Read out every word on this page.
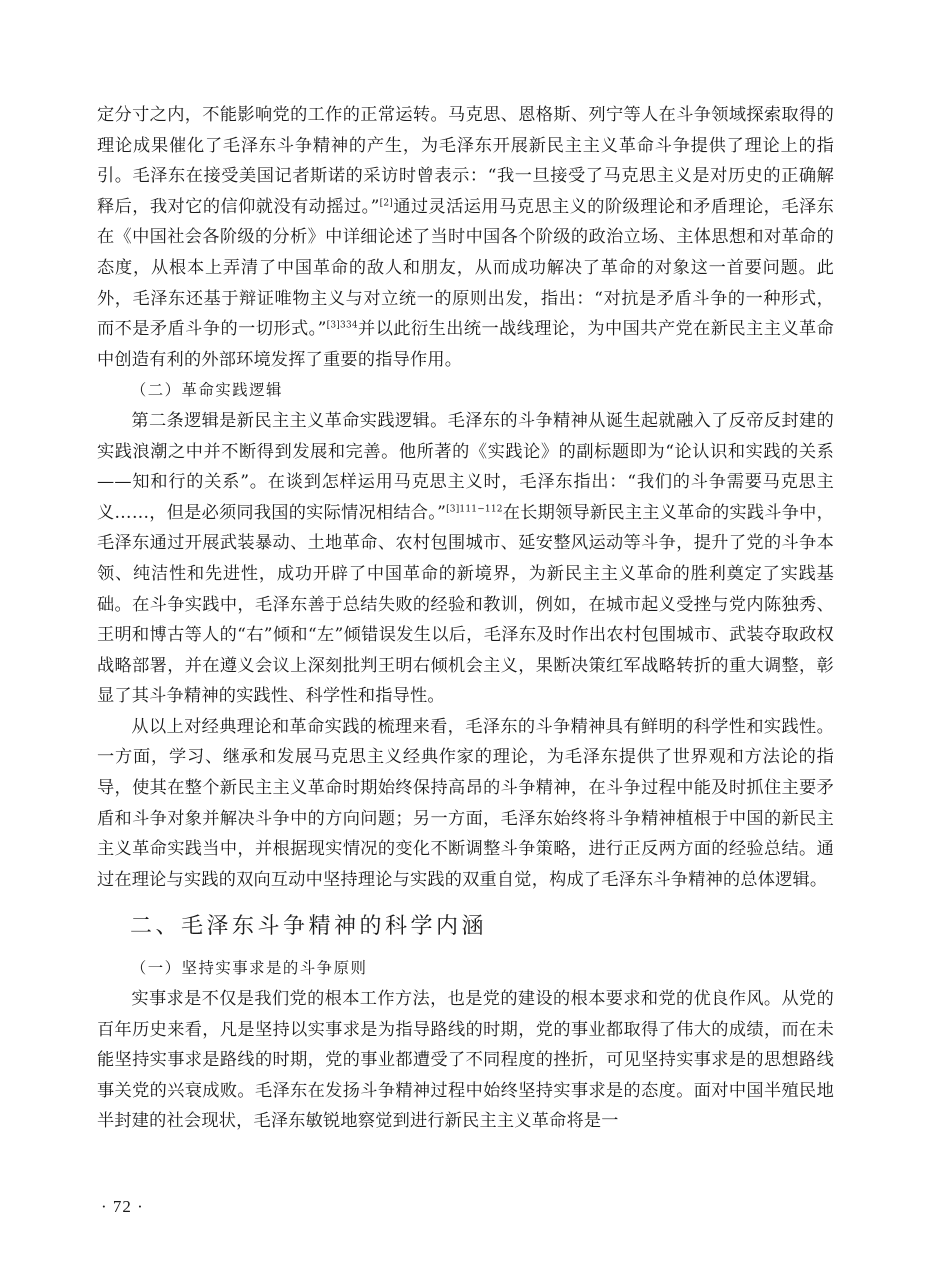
定分寸之内，不能影响党的工作的正常运转。马克思、恩格斯、列宁等人在斗争领域探索取得的理论成果催化了毛泽东斗争精神的产生，为毛泽东开展新民主主义革命斗争提供了理论上的指引。毛泽东在接受美国记者斯诺的采访时曾表示：“我一旦接受了马克思主义是对历史的正确解释后，我对它的信仰就没有动摇过。”[2]通过灵活运用马克思主义的阶级理论和矛盾理论，毛泽东在《中国社会各阶级的分析》中详细论述了当时中国各个阶级的政治立场、主体思想和对革命的态度，从根本上弄清了中国革命的敌人和朋友，从而成功解决了革命的对象这一首要问题。此外，毛泽东还基于辩证唯物主义与对立统一的原则出发，指出：“对抗是矛盾斗争的一种形式，而不是矛盾斗争的一切形式。”$^{[3]334}$并以此衍生出统一战线理论，为中国共产党在新民主主义革命中创造有利的外部环境发挥了重要的指导作用。

（二）革命实践逻辑

第二条逻辑是新民主主义革命实践逻辑。毛泽东的斗争精神从诞生起就融入了反帝反封建的实践浪潮之中并不断得到发展和完善。他所著的《实践论》的副标题即为“论认识和实践的关系——知和行的关系”。在谈到怎样运用马克思主义时，毛泽东指出：“我们的斗争需要马克思主义……，但是必须同我国的实际情况相结合。”$^{[3]111-112}$在长期领导新民主主义革命的实践斗争中，毛泽东通过开展武装暴动、土地革命、农村包围城市、延安整风运动等斗争，提升了党的斗争本领、纯洁性和先进性，成功开辟了中国革命的新境界，为新民主主义革命的胜利奠定了实践基础。在斗争实践中，毛泽东善于总结失败的经验和教训，例如，在城市起义受挫与党内陈独秀、王明和博古等人的“右”倾和“左”倾错误发生以后，毛泽东及时作出农村包围城市、武装夺取政权战略部署，并在遵义会议上深刻批判王明右倾机会主义，果断决策红军战略转折的重大调整，彰显了其斗争精神的实践性、科学性和指导性。

从以上对经典理论和革命实践的梳理来看，毛泽东的斗争精神具有鲜明的科学性和实践性。一方面，学习、继承和发展马克思主义经典作家的理论，为毛泽东提供了世界观和方法论的指导，使其在整个新民主主义革命时期始终保持高昂的斗争精神，在斗争过程中能及时抓住主要矛盾和斗争对象并解决斗争中的方向问题；另一方面，毛泽东始终将斗争精神植根于中国的新民主主义革命实践当中，并根据现实情况的变化不断调整斗争策略，进行正反两方面的经验总结。通过在理论与实践的双向互动中坚持理论与实践的双重自觉，构成了毛泽东斗争精神的总体逻辑。

二、毛泽东斗争精神的科学内涵

（一）坚持实事求是的斗争原则

实事求是不仅是我们党的根本工作方法，也是党的建设的根本要求和党的优良作风。从党的百年历史来看，凡是坚持以实事求是为指导路线的时期，党的事业都取得了伟大的成绩，而在未能坚持实事求是路线的时期，党的事业都遭受了不同程度的挫折，可见坚持实事求是的思想路线事关党的兴衰成败。毛泽东在发扬斗争精神过程中始终坚持实事求是的态度。面对中国半殖民地半封建的社会现状，毛泽东敏锐地察觉到进行新民主主义革命将是一

· 72 ·
